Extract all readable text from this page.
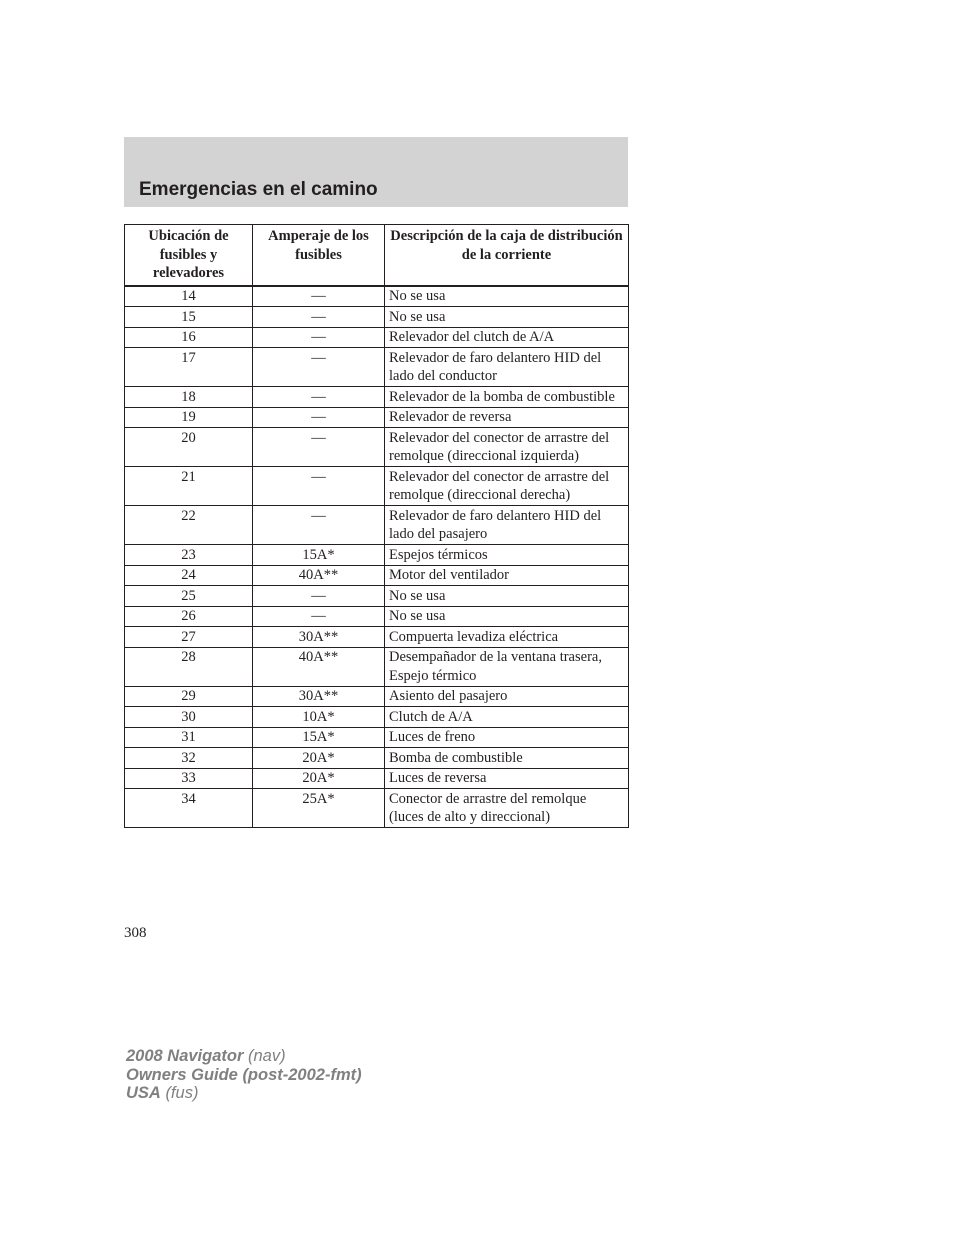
Emergencias en el camino
Ubicación de fusibles y relevadores	Amperaje de los fusibles	Descripción de la caja de distribución de la corriente
14	—	No se usa
15	—	No se usa
16	—	Relevador del clutch de A/A
17	—	Relevador de faro delantero HID del lado del conductor
18	—	Relevador de la bomba de combustible
19	—	Relevador de reversa
20	—	Relevador del conector de arrastre del remolque (direccional izquierda)
21	—	Relevador del conector de arrastre del remolque (direccional derecha)
22	—	Relevador de faro delantero HID del lado del pasajero
23	15A*	Espejos térmicos
24	40A**	Motor del ventilador
25	—	No se usa
26	—	No se usa
27	30A**	Compuerta levadiza eléctrica
28	40A**	Desempañador de la ventana trasera, Espejo térmico
29	30A**	Asiento del pasajero
30	10A*	Clutch de A/A
31	15A*	Luces de freno
32	20A*	Bomba de combustible
33	20A*	Luces de reversa
34	25A*	Conector de arrastre del remolque (luces de alto y direccional)
308
2008 Navigator (nav)
Owners Guide (post-2002-fmt)
USA (fus)
